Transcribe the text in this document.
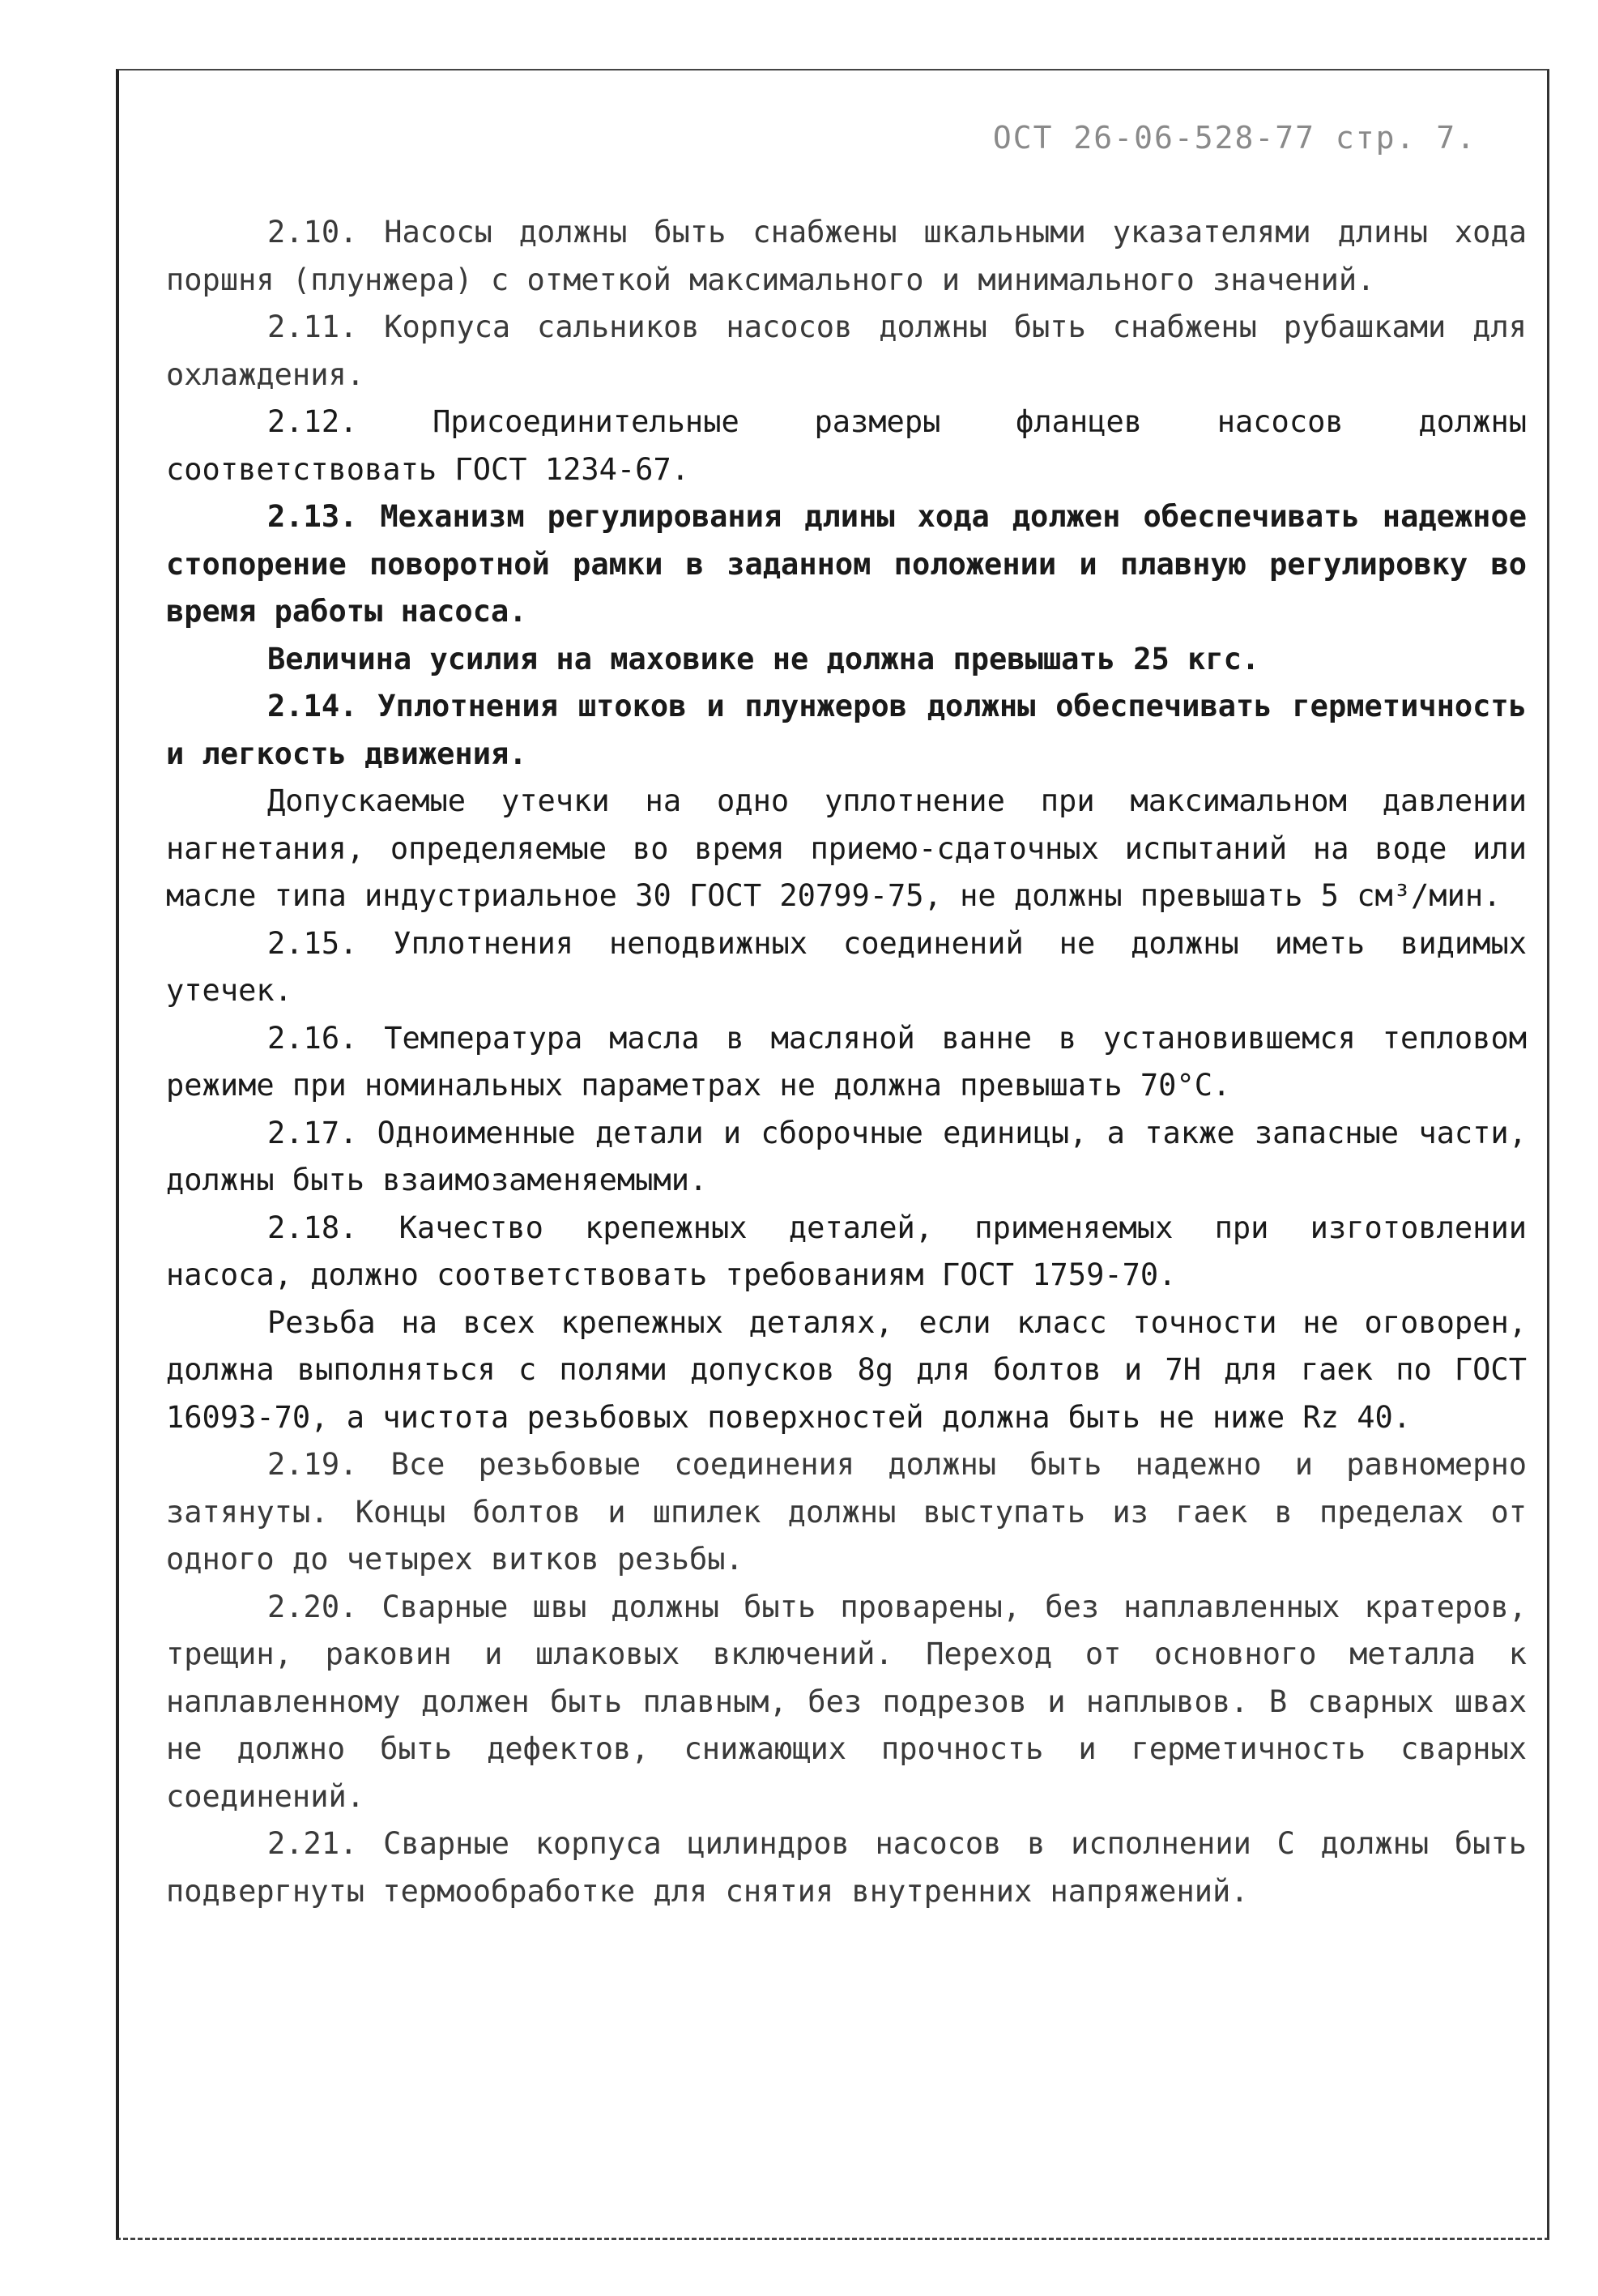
ОСТ 26-06-528-77 стр. 7.

2.10. Насосы должны быть снабжены шкальными указателями длины хода поршня (плунжера) с отметкой максимального и минимального значений.

2.11. Корпуса сальников насосов должны быть снабжены рубашками для охлаждения.

2.12. Присоединительные размеры фланцев насосов должны соответствовать ГОСТ 1234-67.

2.13. Механизм регулирования длины хода должен обеспечивать надежное стопорение поворотной рамки в заданном положении и плавную регулировку во время работы насоса.

Величина усилия на маховике не должна превышать 25 кгс.

2.14. Уплотнения штоков и плунжеров должны обеспечивать герметичность и легкость движения.

Допускаемые утечки на одно уплотнение при максимальном давлении нагнетания, определяемые во время приемо-сдаточных испытаний на воде или масле типа индустриальное 30 ГОСТ 20799-75, не должны превышать 5 см³/мин.

2.15. Уплотнения неподвижных соединений не должны иметь видимых утечек.

2.16. Температура масла в масляной ванне в установившемся тепловом режиме при номинальных параметрах не должна превышать 70°С.

2.17. Одноименные детали и сборочные единицы, а также запасные части, должны быть взаимозаменяемыми.

2.18. Качество крепежных деталей, применяемых при изготовлении насоса, должно соответствовать требованиям ГОСТ 1759-70.

Резьба на всех крепежных деталях, если класс точности не оговорен, должна выполняться с полями допусков 8g для болтов и 7Н для гаек по ГОСТ 16093-70, а чистота резьбовых поверхностей должна быть не ниже Rz 40.

2.19. Все резьбовые соединения должны быть надежно и равномерно затянуты. Концы болтов и шпилек должны выступать из гаек в пределах от одного до четырех витков резьбы.

2.20. Сварные швы должны быть проварены, без наплавленных кратеров, трещин, раковин и шлаковых включений. Переход от основного металла к наплавленному должен быть плавным, без подрезов и наплывов. В сварных швах не должно быть дефектов, снижающих прочность и герметичность сварных соединений.

2.21. Сварные корпуса цилиндров насосов в исполнении С должны быть подвергнуты термообработке для снятия внутренних напряжений.
